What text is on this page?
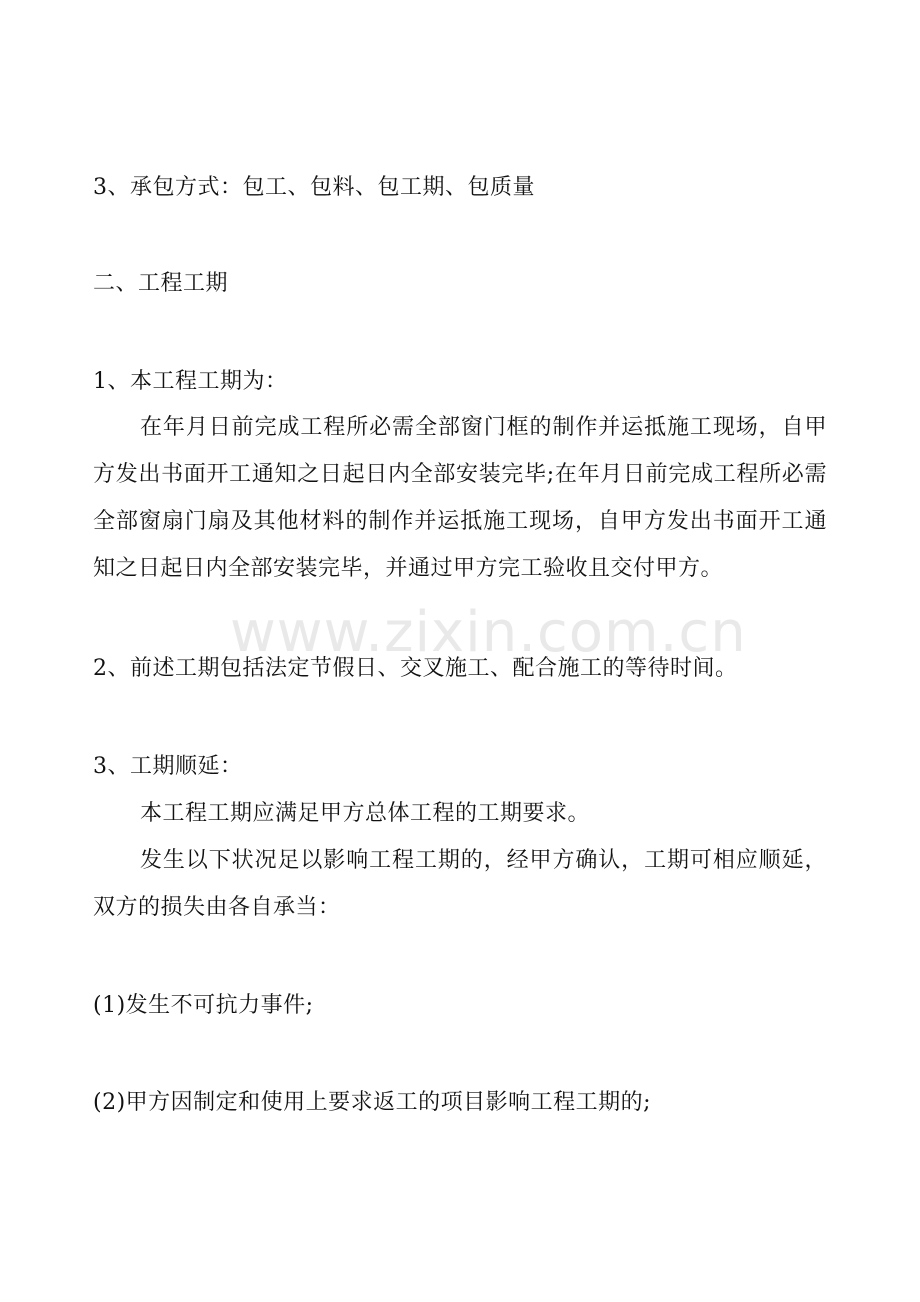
3、承包方式：包工、包料、包工期、包质量
二、工程工期
1、本工程工期为：
在年月日前完成工程所必需全部窗门框的制作并运抵施工现场，自甲方发出书面开工通知之日起日内全部安装完毕;在年月日前完成工程所必需全部窗扇门扇及其他材料的制作并运抵施工现场，自甲方发出书面开工通知之日起日内全部安装完毕，并通过甲方完工验收且交付甲方。
www.zixin.com.cn
2、前述工期包括法定节假日、交叉施工、配合施工的等待时间。
3、工期顺延：
本工程工期应满足甲方总体工程的工期要求。
发生以下状况足以影响工程工期的，经甲方确认，工期可相应顺延，双方的损失由各自承当：
(1)发生不可抗力事件;
(2)甲方因制定和使用上要求返工的项目影响工程工期的;
